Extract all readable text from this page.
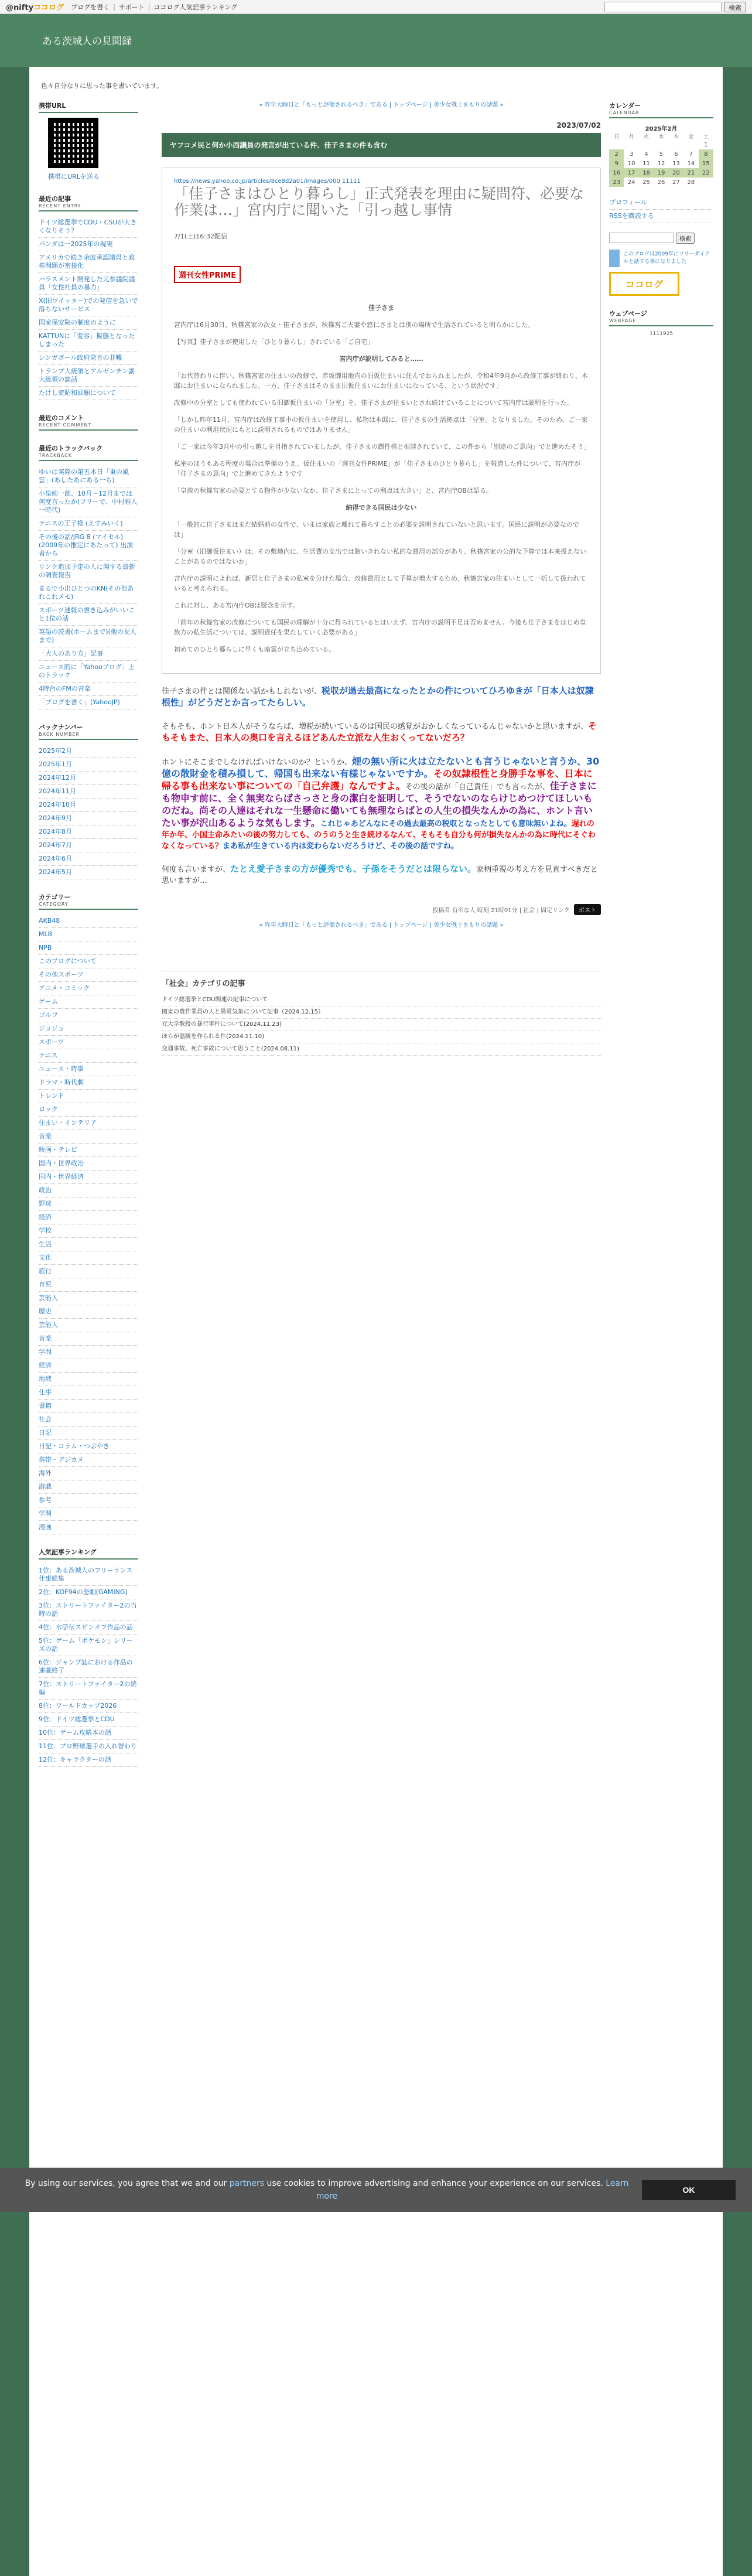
@niftyココログ ブログを書く | サポート | ココログ人気記事ランキング	検索
ある茨城人の見聞録
色々自分なりに思った事を書いています。
携帯URL
携帯にURLを送る
最近の記事
RECENT ENTRY
ドイツ総選挙でCDU・CSUが大きくなりそう？
パンダは一2025年の現実
アメリカで続き余波承認議員と政権問題が密接化
ハラスメント開発した元参議院議員「女性社員の暴力」
X(旧ツイッター)での発信を急いで落ちないサービス
国家保安院の制度のように
KATTUNに「変容」擬態となったしまった
シンガポール政府発言の非難
トランプ大統領とアルゼンチン副大統領の談話
たけし流昭和回顧について
最近のコメント
RECENT COMMENT
最近のトラックバック
TRACKBACK
ゆいは実際の第五本日「東の風雲」(あしたあにある一ち)
小泉純一郎、10月～12月までは何度言ったか(フリーで、中村雅人一時代)
テニスの王子様 (えすみいく)
その後の話/JRG 8 (マイセル)(2009年の推定にあたって) 出演者から
リンク追加予定の人に関する最新の調査報告
まるで小出ひとつのKN(その他あれこれメモ)
スポーツ速報の書き込みがいいこと1位の話
英語の読書(ホームまで)(他の友人まで)
「大人のあり方」記事
ニュース的に「Yahooブログ」上のトラック
4時台のFMの音楽
「ブログを書く」(YahooJP)
バックナンバー
BACK NUMBER
2025年2月
2025年1月
2024年12月
2024年11月
2024年10月
2024年9月
2024年8月
2024年7月
2024年6月
2024年5月
カテゴリー
CATEGORY
AKB48
MLB
NPB
このブログについて
その他スポーツ
アニメ・コミック
ゲーム
ゴルフ
ジョジョ
スポーツ
テニス
ニュース・時事
ドラマ・時代劇
トレンド
ロック
住まい・インテリア
音楽
映画・テレビ
国内・世界政治
国内・世界経済
政治
野球
経済
学校
生活
文化
旅行
育児
芸能人
歴史
芸能人
音楽
学問
経済
地域
仕事
書籍
社会
日記
日記・コラム・つぶやき
携帯・デジカメ
海外
游戯
参考
学問
漫画
人気記事ランキング
1位：ある茨城人のフリーランス仕事総集
2位：KOF94の悲劇(GAMING)
3位：ストリートファイター2の当時の話
4位：水滸伝スピンオフ作品の話
5位：ゲーム「ポケモン」シリーズの話
6位：ジャンプ誌における作品の連載終了
7位：ストリートファイター2の続編
8位：ワールドカップ2026
9位：ドイツ総選挙とCDU
10位：ゲーム攻略本の話
11位：プロ野球選手の入れ替わり
12位：キャラクターの話
« 昨年大晦日と「もっと評価されるべき」である | トップページ | 美少女戦士まもりの話題 »
2023/07/02
ヤフコメ民と何か小西議員の発言が出ている件、佳子さまの件も含む
https://news.yahoo.co.jp/articles/8ce8d2a01/images/000 11111
「佳子さまはひとり暮らし」正式発表を理由に疑問符、必要な作業は…」宮内庁に聞いた「引っ越し事情
7/1(土)16:32配信
週刊女性PRIME

佳子さま

宮内庁は6月30日、秋篠宮家の次女・佳子さまが、秋篠宮ご夫妻や悠仁さまとは別の場所で生活されていると明らかにした。

【写真】佳子さまが使用した「ひとり暮らし」されている「ご自宅」

宮内庁が説明してみると……

「お代替わりに伴い、秋篠宮家の住まいの改修で、赤坂御用地内の旧仮住まいに住んでおられましたが、令和4年9月から改修工事が終わり、本邸にお住まいになられました。一方、佳子さまはそのまま旧仮住まいにお住まいになっている、という状況です」

改修中の分室としても使われている旧御仮住まいの「分室」を、佳子さまが住まいとされ続けていることについて宮内庁は説明を行った。

「しかし昨年11月、宮内庁は改修工事中の仮住まいを使用し、私物は本邸に、佳子さまの生活拠点は「分室」となりました。そのため、ご一家の住まいの利用状況にもとに説明されるものではありません」

「ご一家は今年3月中の引っ越しを目指されていましたが、佳子さまの御性格と相談されていて、この件から「別途のご意向」でと進めたそう」

私室のほうもある程度の場合は準備のうえ、仮住まいの「週刊女性PRIME」が「佳子さまのひとり暮らし」を報道した件について、宮内庁が「佳子さまの意向」でと進めてきたようです

「皇族の秋篠宮家の必要とする物件が少ないなか、佳子さまにとっての利点は大きい」と、宮内庁OBは語る。

納得できる国民は少ない

「一般的に佳子さまはまだ結婚前の女性で、いまは家族と離れて暮らすことの必要を説明されていないと思います。国民に説明が必要なのでは」

「分室（旧御仮住まい）は、その敷地内に、生活費の支出では賄いきれない私的な費用の部分があり、秋篠宮家の公的な予算では本来扱えないことがあるのではないか」

宮内庁の説明によれば、新居と佳子さまの私室を分けた場合、改修費用として予算が増大するため、秋篠宮家の住まいとして一括して扱われていると考えられる。

これに対し、ある宮内庁OBは疑念を示す。

「前年の秋篠宮家の改修についても国民の理解が十分に得られているとはいえず、宮内庁の説明不足は否めません。今後も佳子さまをはじめ皇族方の私生活については、説明責任を果たしていく必要がある」

初めてのひとり暮らしに早くも暗雲が立ち込めている。

佳子さまの件とは関係ない話かもしれないが、税収が過去最高になったとかの件についてひろゆきが「日本人は奴隷根性」がどうだとか言ってたらしい。

そもそも、ホント日本人がそうならば、増税が続いているのは国民の感覚がおかしくなっているんじゃないかと思いますが、そもそもまた、日本人の奥口を言えるほどあんた立派な人生おくってないだろ？

ホントにそこまでしなければいけないのか？というか、煙の無い所に火は立たないとも言うじゃないと言うか、30億の散財金を積み損して、帰国も出来ない有様じゃないですか。その奴隷根性と身勝手な事を、日本に帰る事も出来ない事についての「自己弁護」なんですよ。その後の話が「自己責任」でも言ったが、佳子さまにも物申す前に、全く無実ならばさっさと身の潔白を証明して、そうでないのならけじめつけてほしいものだね。尚その人達はそれな一生懸命に働いても無理ならばとの人生の損失なんかの為に、ホント言いたい事が沢山あるような気もします。これじゃあどんなにその過去最高の税収となったとしても意味無いよね。遅れの年か年、小国主命みたいの後の努力しても、のうのうと生き続けるなんて、そもそも自分も何が損失なんかの為に時代にそぐわなくなっている？まあ私が生きている内は変わらないだろうけど、その後の話ですね。

何度も言いますが、たとえ愛子さまの方が優秀でも、子孫をそうだとは限らない。家柄重視の考え方を見直すべきだと思いますが…

投稿者 有名な人 時刻 21時01分 | 社会 | 固定リンク ポスト
« 昨年大晦日と「もっと評価されるべき」である | トップページ | 美少女戦士まもりの話題 »
「社会」カテゴリの記事
ドイツ総選挙とCDU関連の記事について
関東の農作業員の人と異常気象について記事（2024.12.15）
元大学教授の暴行事件について(2024.11.23)
ほらが温暖を作られる件(2024.11.10)
交通事故、死亡事故について思うこと(2024.08.11)
カレンダー
CALENDAR
2025年2月						
日	月	火	水	木	金	土
						1
2	3	4	5	6	7	8
9	10	11	12	13	14	15
16	17	18	19	20	21	22
23	24	25	26	27	28	
プロフィール
RSSを購読する
検索
このブログは2009年にフリーダイアルと話する事になりました
ココログ
ウェブページ
WEBPAGE
1111925
By using our services, you agree that we and our partners use cookies to improve advertising and enhance your experience on our services. Learn more
OK
